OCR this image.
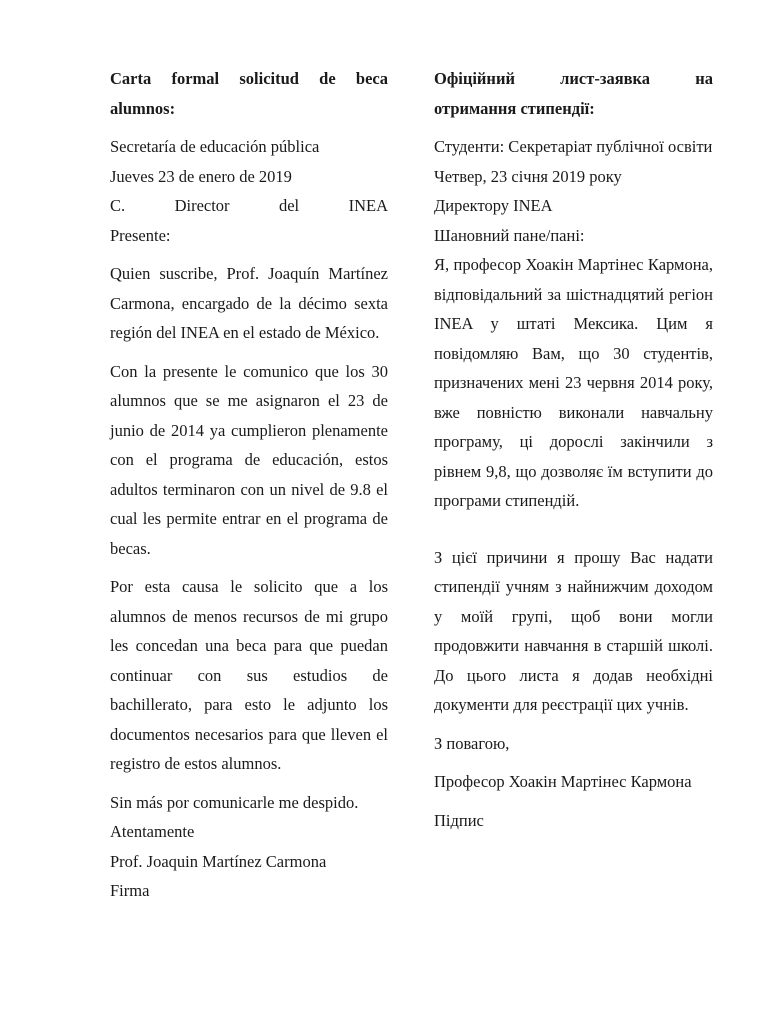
Carta formal solicitud de beca alumnos:

Secretaría de educación pública

Jueves 23 de enero de 2019

C. Director del INEA

Presente:

Quien suscribe, Prof. Joaquín Martínez Carmona, encargado de la décimo sexta región del INEA en el estado de México.

Con la presente le comunico que los 30 alumnos que se me asignaron el 23 de junio de 2014 ya cumplieron plenamente con el programa de educación, estos adultos terminaron con un nivel de 9.8 el cual les permite entrar en el programa de becas.

Por esta causa le solicito que a los alumnos de menos recursos de mi grupo les concedan una beca para que puedan continuar con sus estudios de bachillerato, para esto le adjunto los documentos necesarios para que lleven el registro de estos alumnos.

Sin más por comunicarle me despido.

Atentamente

Prof. Joaquin Martínez Carmona

Firma

Офіційний лист-заявка на отримання стипендії:

Студенти: Секретаріат публічної освіти

Четвер, 23 січня 2019 року

Директору INEA

Шановний пане/пані:

Я, професор Хоакін Мартінес Кармона, відповідальний за шістнадцятий регіон INEA у штаті Мексика. Цим я повідомляю Вам, що 30 студентів, призначених мені 23 червня 2014 року, вже повністю виконали навчальну програму, ці дорослі закінчили з рівнем 9,8, що дозволяє їм вступити до програми стипендій.

З цієї причини я прошу Вас надати стипендії учням з найнижчим доходом у моїй групі, щоб вони могли продовжити навчання в старшій школі. До цього листа я додав необхідні документи для реєстрації цих учнів.

З повагою,

Професор Хоакін Мартінес Кармона

Підпис
